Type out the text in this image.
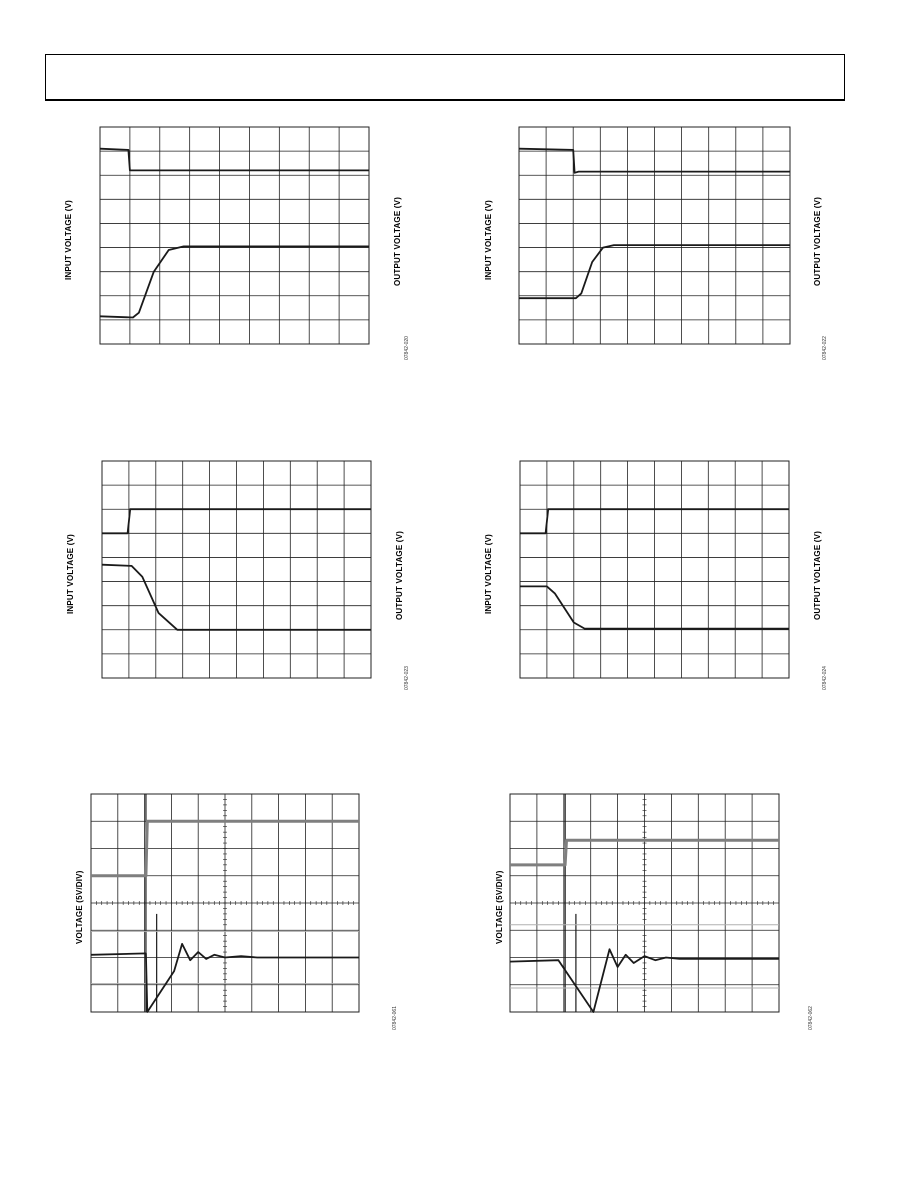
INPUT VOLTAGE (V)	OUTPUT VOLTAGE (V)
07842-020
INPUT VOLTAGE (V)	OUTPUT VOLTAGE (V)
07842-022
INPUT VOLTAGE (V)	OUTPUT VOLTAGE (V)
07842-023
INPUT VOLTAGE (V)	OUTPUT VOLTAGE (V)
07842-024
VOLTAGE (5V/DIV)
07842-061
VOLTAGE (5V/DIV)
07842-062
